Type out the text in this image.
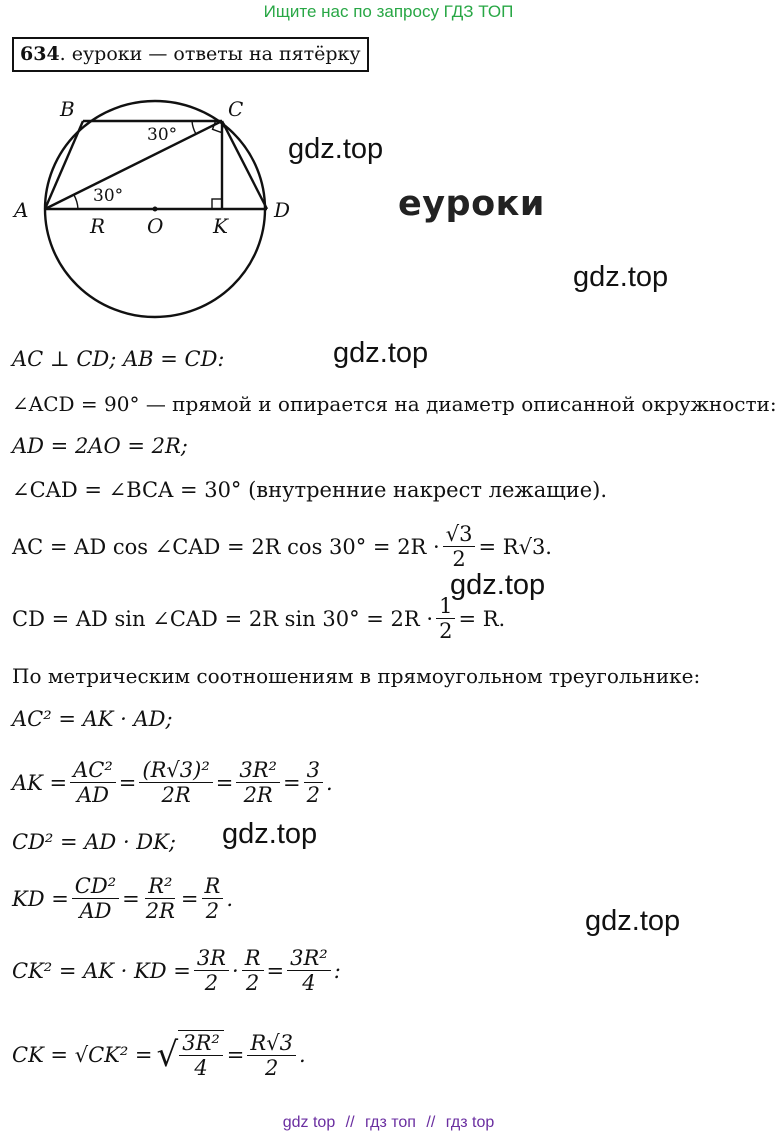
Ищите нас по запросу ГДЗ ТОП
634. еуроки — ответы на пятёрку
A
B	C
D
R O K
30°
30°	gdz.top
еуроки
gdz.top
gdz.top
gdz.top
gdz.top
gdz.top
AC ⊥ CD; AB = CD:
∠ACD = 90° — прямой и опирается на диаметр описанной окружности:
AD = 2AO = 2R;
∠CAD = ∠BCA = 30° (внутренние накрест лежащие).
AC = AD cos ∠CAD = 2R $\cos 30^\circ = 2R \cdot \frac{√3}{2} = R√3$.
CD = AD sin ∠CAD = 2R $\sin 30^\circ = 2R \cdot \frac{1}{2} = R$.
По метрическим соотношениям в прямоугольном треугольнике:
AC² = AK · AD;
AK = $\frac{\text{AC²}}{AD} = \frac{\text{(R√3)²}}{2R} = \frac{\text{3R²}}{2R} = \frac{3}{2}$ .
CD² = AD · DK;
KD = $\frac{\text{CD²}}{AD} = \frac{\text{R²}}{2R} = \frac{R}{2}$ .
CK² = AK · KD = $\frac{3R}{2} \cdot \frac{R}{2} = \frac{\text{3R²}}{4}$ :
CK = √CK² = √ $\frac{\text{3R²}}{4} = \frac{R√3}{2}$ .
gdz top // гдз топ // гдз top
